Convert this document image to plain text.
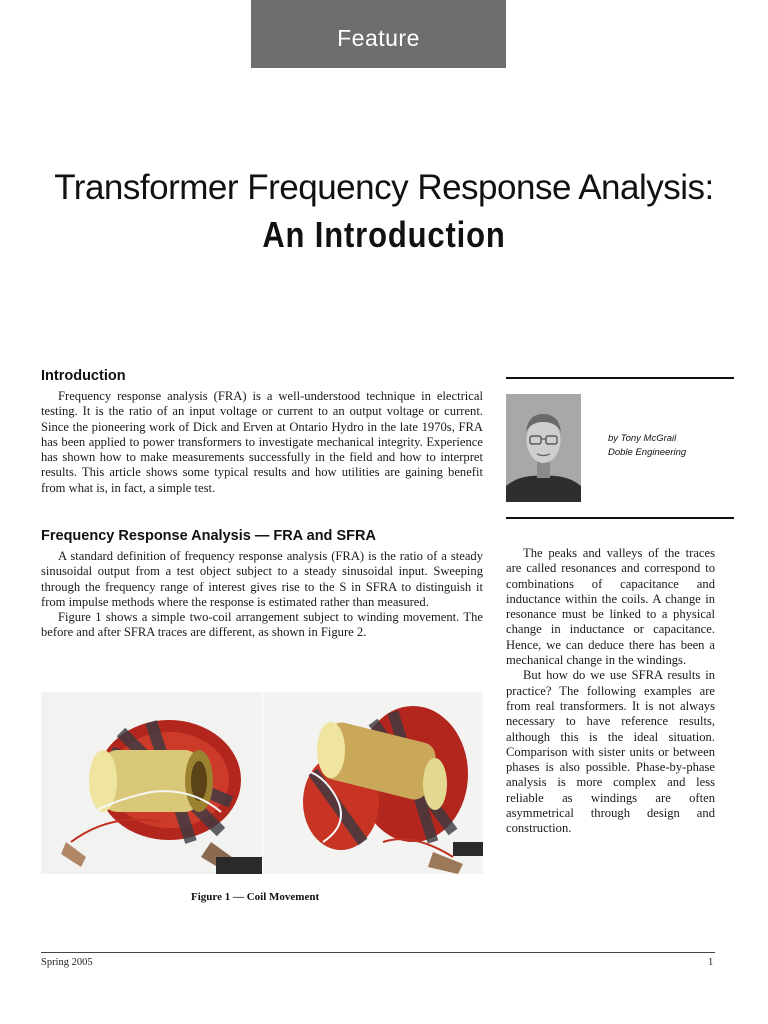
Feature
Transformer Frequency Response Analysis:
An Introduction
Introduction

Frequency response analysis (FRA) is a well-understood technique in electrical testing. It is the ratio of an input voltage or current to an output voltage or current. Since the pioneering work of Dick and Erven at Ontario Hydro in the late 1970s, FRA has been applied to power transformers to investigate mechanical integrity. Experience has shown how to make measurements successfully in the field and how to interpret results. This article shows some typical results and how utilities are gaining benefit from what is, in fact, a simple test.

Frequency Response Analysis — FRA and SFRA

A standard definition of frequency response analysis (FRA) is the ratio of a steady sinusoidal output from a test object subject to a steady sinusoidal input. Sweeping through the frequency range of interest gives rise to the S in SFRA to distinguish it from impulse methods where the response is estimated rather than measured.

Figure 1 shows a simple two-coil arrangement subject to winding movement. The before and after SFRA traces are different, as shown in Figure 2.

by Tony McGrail
Doble Engineering

The peaks and valleys of the traces are called resonances and correspond to combinations of capacitance and inductance within the coils. A change in resonance must be linked to a physical change in inductance or capacitance. Hence, we can deduce there has been a mechanical change in the windings.

But how do we use SFRA results in practice? The following examples are from real transformers. It is not always necessary to have reference results, although this is the ideal situation. Comparison with sister units or between phases is also possible. Phase-by-phase analysis is more complex and less reliable as windings are often asymmetrical through design and construction.

Figure 1 — Coil Movement
Spring 2005	1
